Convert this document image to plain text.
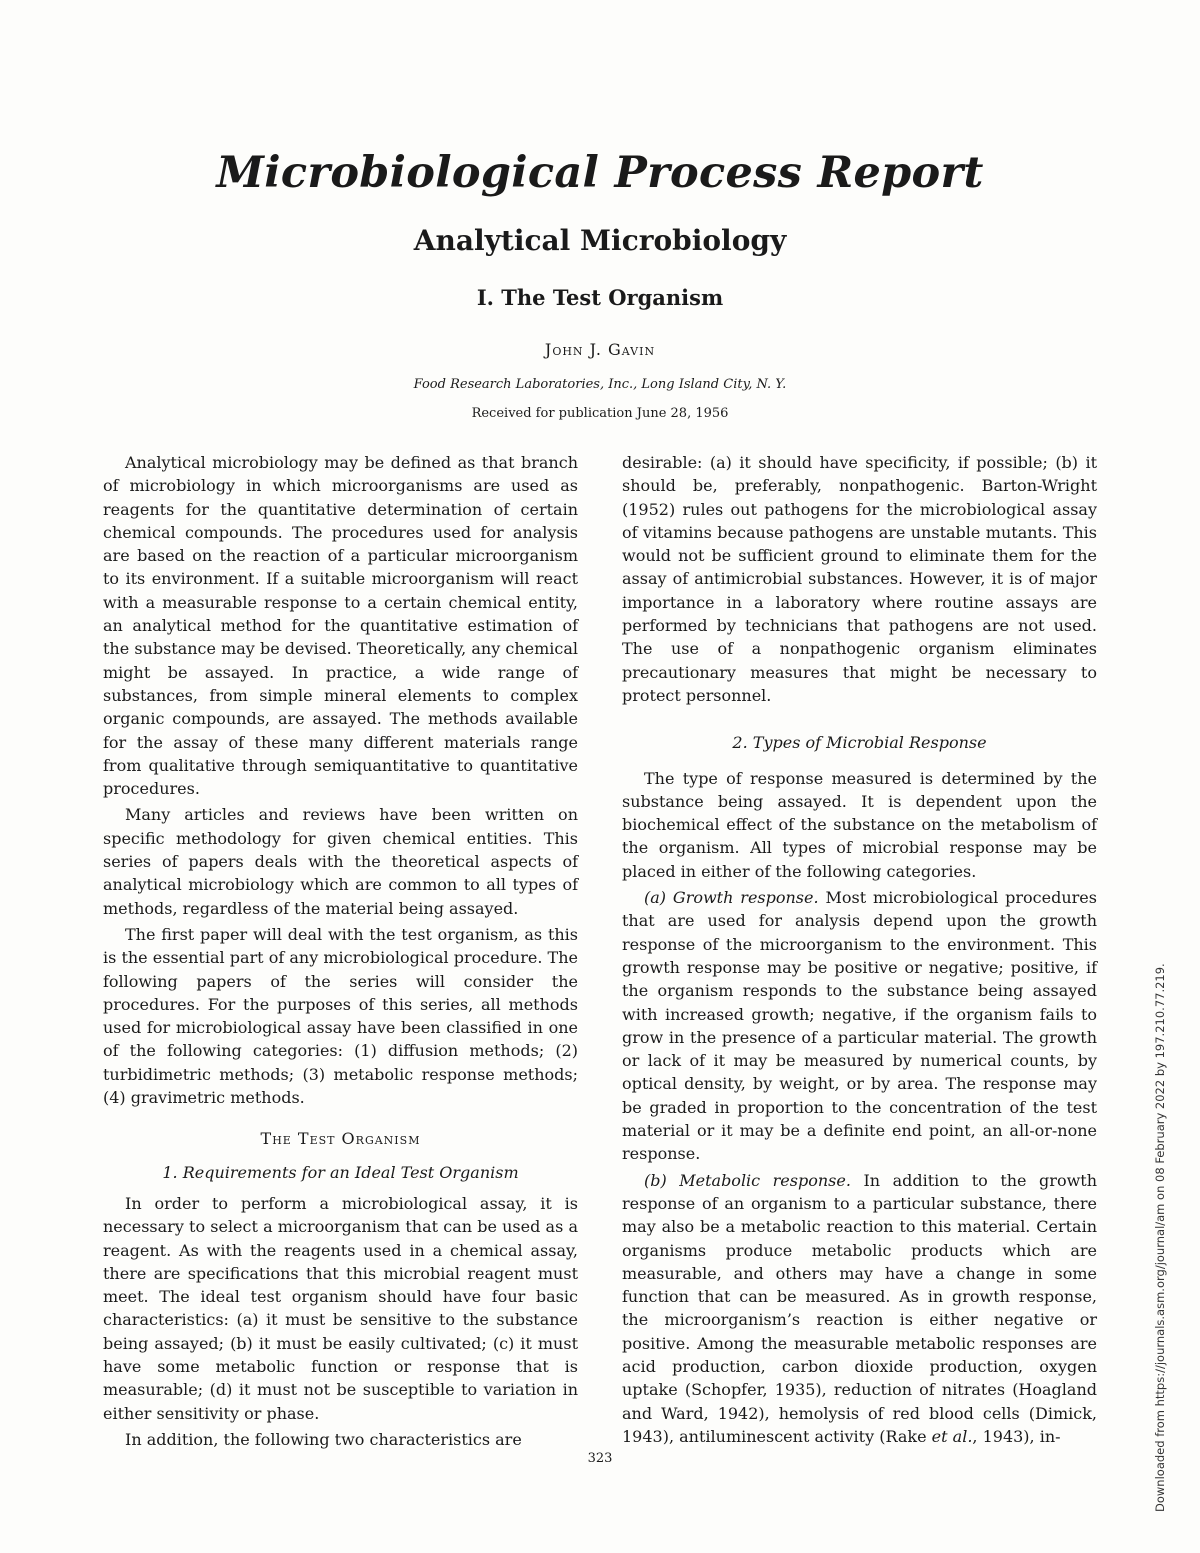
Microbiological Process Report
Analytical Microbiology
I. The Test Organism
John J. Gavin
Food Research Laboratories, Inc., Long Island City, N. Y.
Received for publication June 28, 1956

Analytical microbiology may be defined as that branch of microbiology in which microorganisms are used as reagents for the quantitative determination of certain chemical compounds. The procedures used for analysis are based on the reaction of a particular microorganism to its environment. If a suitable microorganism will react with a measurable response to a certain chemical entity, an analytical method for the quantitative estimation of the substance may be devised. Theoretically, any chemical might be assayed. In practice, a wide range of substances, from simple mineral elements to complex organic compounds, are assayed. The methods available for the assay of these many different materials range from qualitative through semiquantitative to quantitative procedures.

Many articles and reviews have been written on specific methodology for given chemical entities. This series of papers deals with the theoretical aspects of analytical microbiology which are common to all types of methods, regardless of the material being assayed.

The first paper will deal with the test organism, as this is the essential part of any microbiological procedure. The following papers of the series will consider the procedures. For the purposes of this series, all methods used for microbiological assay have been classified in one of the following categories: (1) diffusion methods; (2) turbidimetric methods; (3) metabolic response methods; (4) gravimetric methods.

The Test Organism
1. Requirements for an Ideal Test Organism

In order to perform a microbiological assay, it is necessary to select a microorganism that can be used as a reagent. As with the reagents used in a chemical assay, there are specifications that this microbial reagent must meet. The ideal test organism should have four basic characteristics: (a) it must be sensitive to the substance being assayed; (b) it must be easily cultivated; (c) it must have some metabolic function or response that is measurable; (d) it must not be susceptible to variation in either sensitivity or phase.

In addition, the following two characteristics are

desirable: (a) it should have specificity, if possible; (b) it should be, preferably, nonpathogenic. Barton-Wright (1952) rules out pathogens for the microbiological assay of vitamins because pathogens are unstable mutants. This would not be sufficient ground to eliminate them for the assay of antimicrobial substances. However, it is of major importance in a laboratory where routine assays are performed by technicians that pathogens are not used. The use of a nonpathogenic organism eliminates precautionary measures that might be necessary to protect personnel.

2. Types of Microbial Response

The type of response measured is determined by the substance being assayed. It is dependent upon the biochemical effect of the substance on the metabolism of the organism. All types of microbial response may be placed in either of the following categories.

(a) Growth response. Most microbiological procedures that are used for analysis depend upon the growth response of the microorganism to the environment. This growth response may be positive or negative; positive, if the organism responds to the substance being assayed with increased growth; negative, if the organism fails to grow in the presence of a particular material. The growth or lack of it may be measured by numerical counts, by optical density, by weight, or by area. The response may be graded in proportion to the concentration of the test material or it may be a definite end point, an all-or-none response.

(b) Metabolic response. In addition to the growth response of an organism to a particular substance, there may also be a metabolic reaction to this material. Certain organisms produce metabolic products which are measurable, and others may have a change in some function that can be measured. As in growth response, the microorganism’s reaction is either negative or positive. Among the measurable metabolic responses are acid production, carbon dioxide production, oxygen uptake (Schopfer, 1935), reduction of nitrates (Hoagland and Ward, 1942), hemolysis of red blood cells (Dimick, 1943), antiluminescent activity (Rake et al., 1943), in-

323	Downloaded from https://journals.asm.org/journal/am on 08 February 2022 by 197.210.77.219.
